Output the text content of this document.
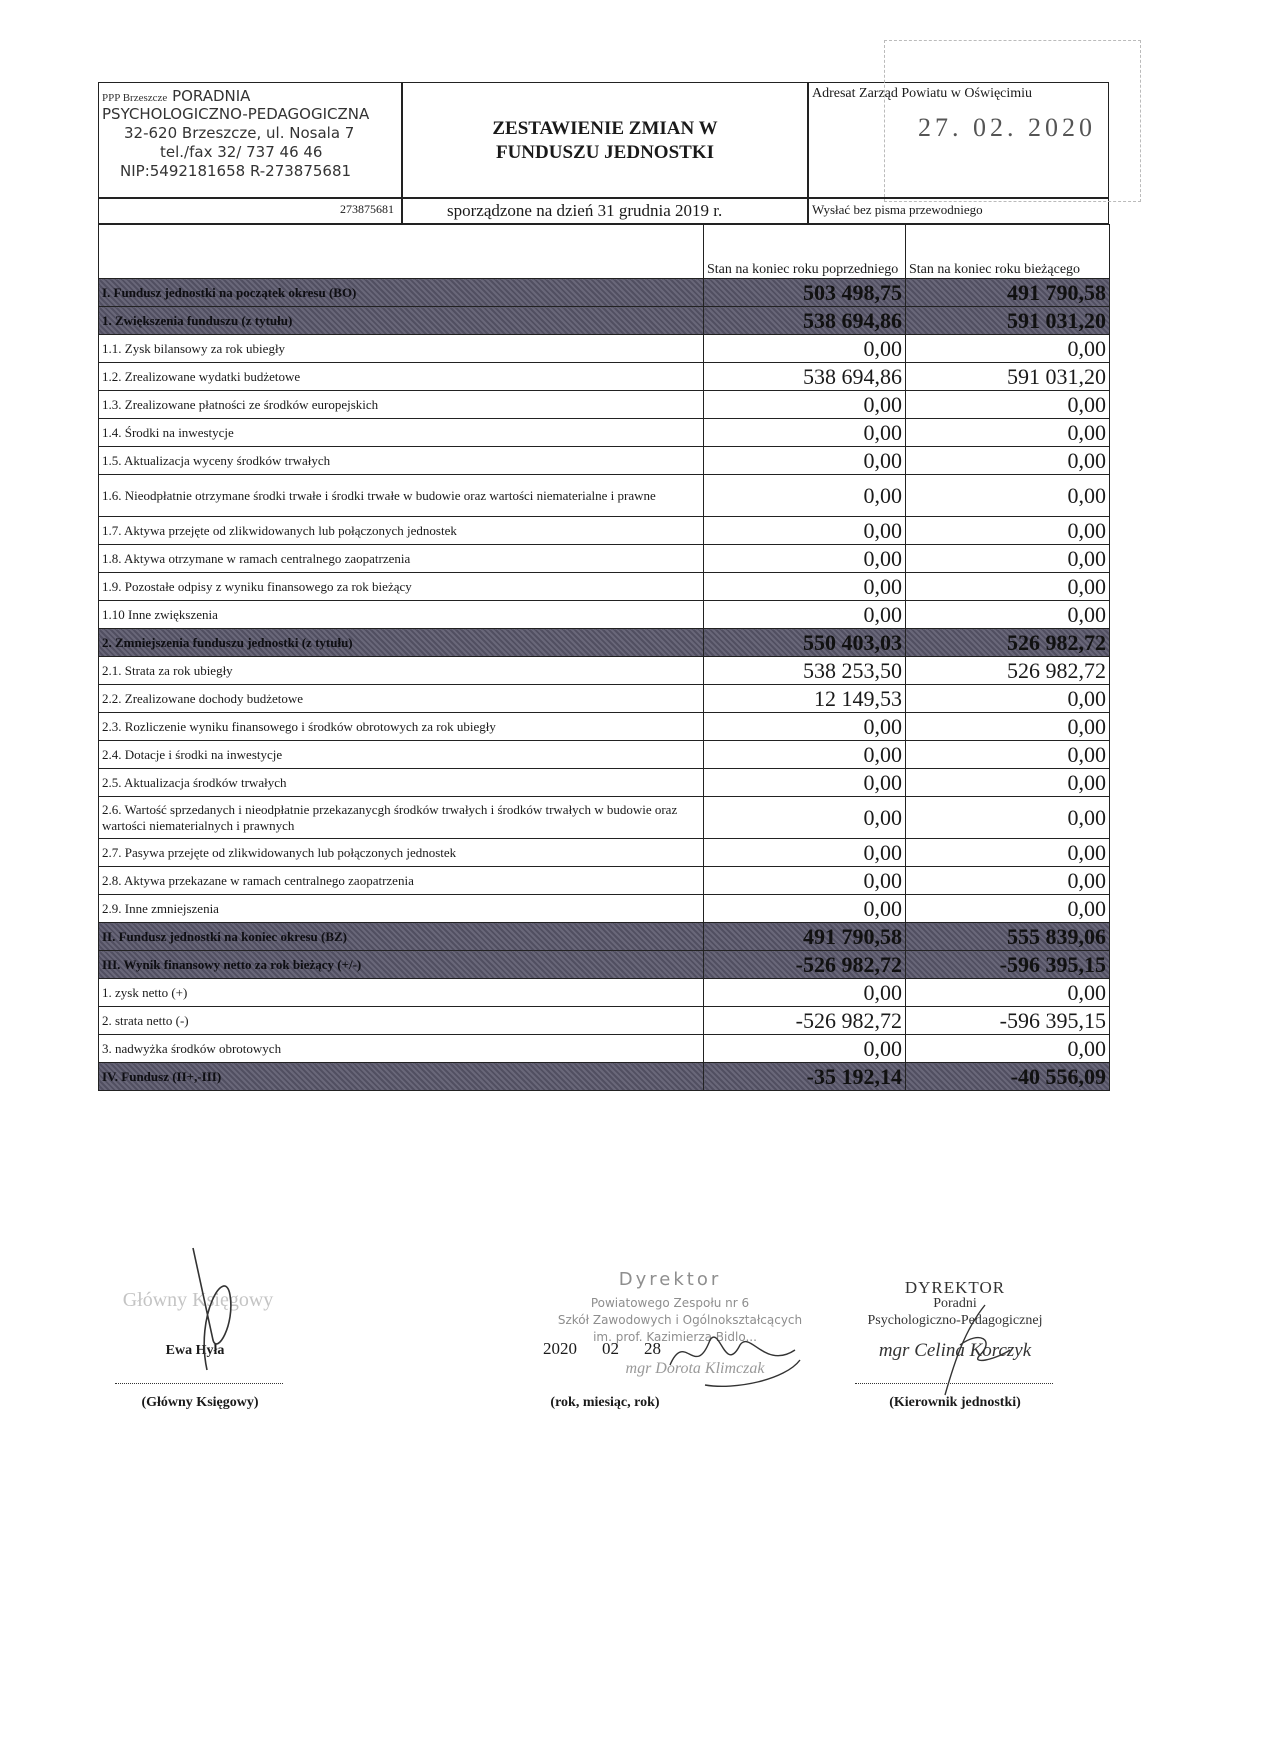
PPP Brzeszcze PORADNIA
PSYCHOLOGICZNO-PEDAGOGICZNA
32-620 Brzeszcze, ul. Nosala 7
tel./fax 32/ 737 46 46
NIP:5492181658 R-273875681
273875681
ZESTAWIENIE ZMIAN W FUNDUSZU JEDNOSTKI
sporządzone na dzień 31 grudnia 2019 r.
Adresat Zarząd Powiatu w Oświęcimiu
27. 02. 2020
Wysłać bez pisma przewodniego
	Stan na koniec roku poprzedniego	Stan na koniec roku bieżącego
I. Fundusz jednostki na początek okresu (BO)	503 498,75	491 790,58
1. Zwiększenia funduszu (z tytułu)	538 694,86	591 031,20
1.1. Zysk bilansowy za rok ubiegły	0,00	0,00
1.2. Zrealizowane wydatki budżetowe	538 694,86	591 031,20
1.3. Zrealizowane płatności ze środków europejskich	0,00	0,00
1.4. Środki na inwestycje	0,00	0,00
1.5. Aktualizacja wyceny środków trwałych	0,00	0,00
1.6. Nieodpłatnie otrzymane środki trwałe i środki trwałe w budowie oraz wartości niematerialne i prawne	0,00	0,00
1.7. Aktywa przejęte od zlikwidowanych lub połączonych jednostek	0,00	0,00
1.8. Aktywa otrzymane w ramach centralnego zaopatrzenia	0,00	0,00
1.9. Pozostałe odpisy z wyniku finansowego za rok bieżący	0,00	0,00
1.10 Inne zwiększenia	0,00	0,00
2. Zmniejszenia funduszu jednostki (z tytułu)	550 403,03	526 982,72
2.1. Strata za rok ubiegły	538 253,50	526 982,72
2.2. Zrealizowane dochody budżetowe	12 149,53	0,00
2.3. Rozliczenie wyniku finansowego i środków obrotowych za rok ubiegły	0,00	0,00
2.4. Dotacje i środki na inwestycje	0,00	0,00
2.5. Aktualizacja środków trwałych	0,00	0,00
2.6. Wartość sprzedanych i nieodpłatnie przekazanycgh środków trwałych i środków trwałych w budowie oraz wartości niematerialnych i prawnych	0,00	0,00
2.7. Pasywa przejęte od zlikwidowanych lub połączonych jednostek	0,00	0,00
2.8. Aktywa przekazane w ramach centralnego zaopatrzenia	0,00	0,00
2.9. Inne zmniejszenia	0,00	0,00
II. Fundusz jednostki na koniec okresu (BZ)	491 790,58	555 839,06
III. Wynik finansowy netto za rok bieżący (+/-)	-526 982,72	-596 395,15
1. zysk netto (+)	0,00	0,00
2. strata netto (-)	-526 982,72	-596 395,15
3. nadwyżka środków obrotowych	0,00	0,00
IV. Fundusz (II+,-III)	-35 192,14	-40 556,09
Główny Księgowy
Ewa Hyła
(Główny Księgowy)
Dyrektor
Powiatowego Zespołu nr 6
Szkół Zawodowych i Ogólnokształcących
im. prof. Kazimierza Bidlo...
mgr Dorota Klimczak
2020 02 28
(rok, miesiąc, rok)
DYREKTOR
Poradni
Psychologiczno-Pedagogicznej
mgr Celina Korczyk
(Kierownik jednostki)
